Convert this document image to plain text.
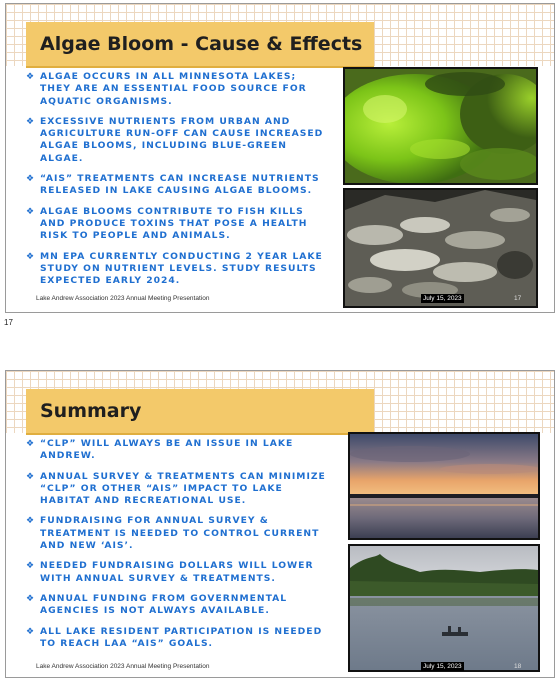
Algae Bloom - Cause & Effects
❖ ALGAE OCCURS IN ALL MINNESOTA LAKES; THEY ARE AN ESSENTIAL FOOD SOURCE FOR AQUATIC ORGANISMS.
❖ EXCESSIVE NUTRIENTS FROM URBAN AND AGRICULTURE RUN-OFF CAN CAUSE INCREASED ALGAE BLOOMS, INCLUDING BLUE-GREEN ALGAE.
❖ “AIS” TREATMENTS CAN INCREASE NUTRIENTS RELEASED IN LAKE CAUSING ALGAE BLOOMS.
❖ ALGAE BLOOMS CONTRIBUTE TO FISH KILLS AND PRODUCE TOXINS THAT POSE A HEALTH RISK TO PEOPLE AND ANIMALS.
❖ MN EPA CURRENTLY CONDUCTING 2 YEAR LAKE STUDY ON NUTRIENT LEVELS. STUDY RESULTS EXPECTED EARLY 2024.
Lake Andrew Association 2023 Annual Meeting Presentation	July 15, 2023	17
17
Summary
❖ “CLP” WILL ALWAYS BE AN ISSUE IN LAKE ANDREW.
❖ ANNUAL SURVEY & TREATMENTS CAN MINIMIZE “CLP” OR OTHER “AIS” IMPACT TO LAKE HABITAT AND RECREATIONAL USE.
❖ FUNDRAISING FOR ANNUAL SURVEY & TREATMENT IS NEEDED TO CONTROL CURRENT AND NEW ‘AIS’.
❖ NEEDED FUNDRAISING DOLLARS WILL LOWER WITH ANNUAL SURVEY & TREATMENTS.
❖ ANNUAL FUNDING FROM GOVERNMENTAL AGENCIES IS NOT ALWAYS AVAILABLE.
❖ ALL LAKE RESIDENT PARTICIPATION IS NEEDED TO REACH LAA “AIS” GOALS.
Lake Andrew Association 2023 Annual Meeting Presentation	July 15, 2023	18
